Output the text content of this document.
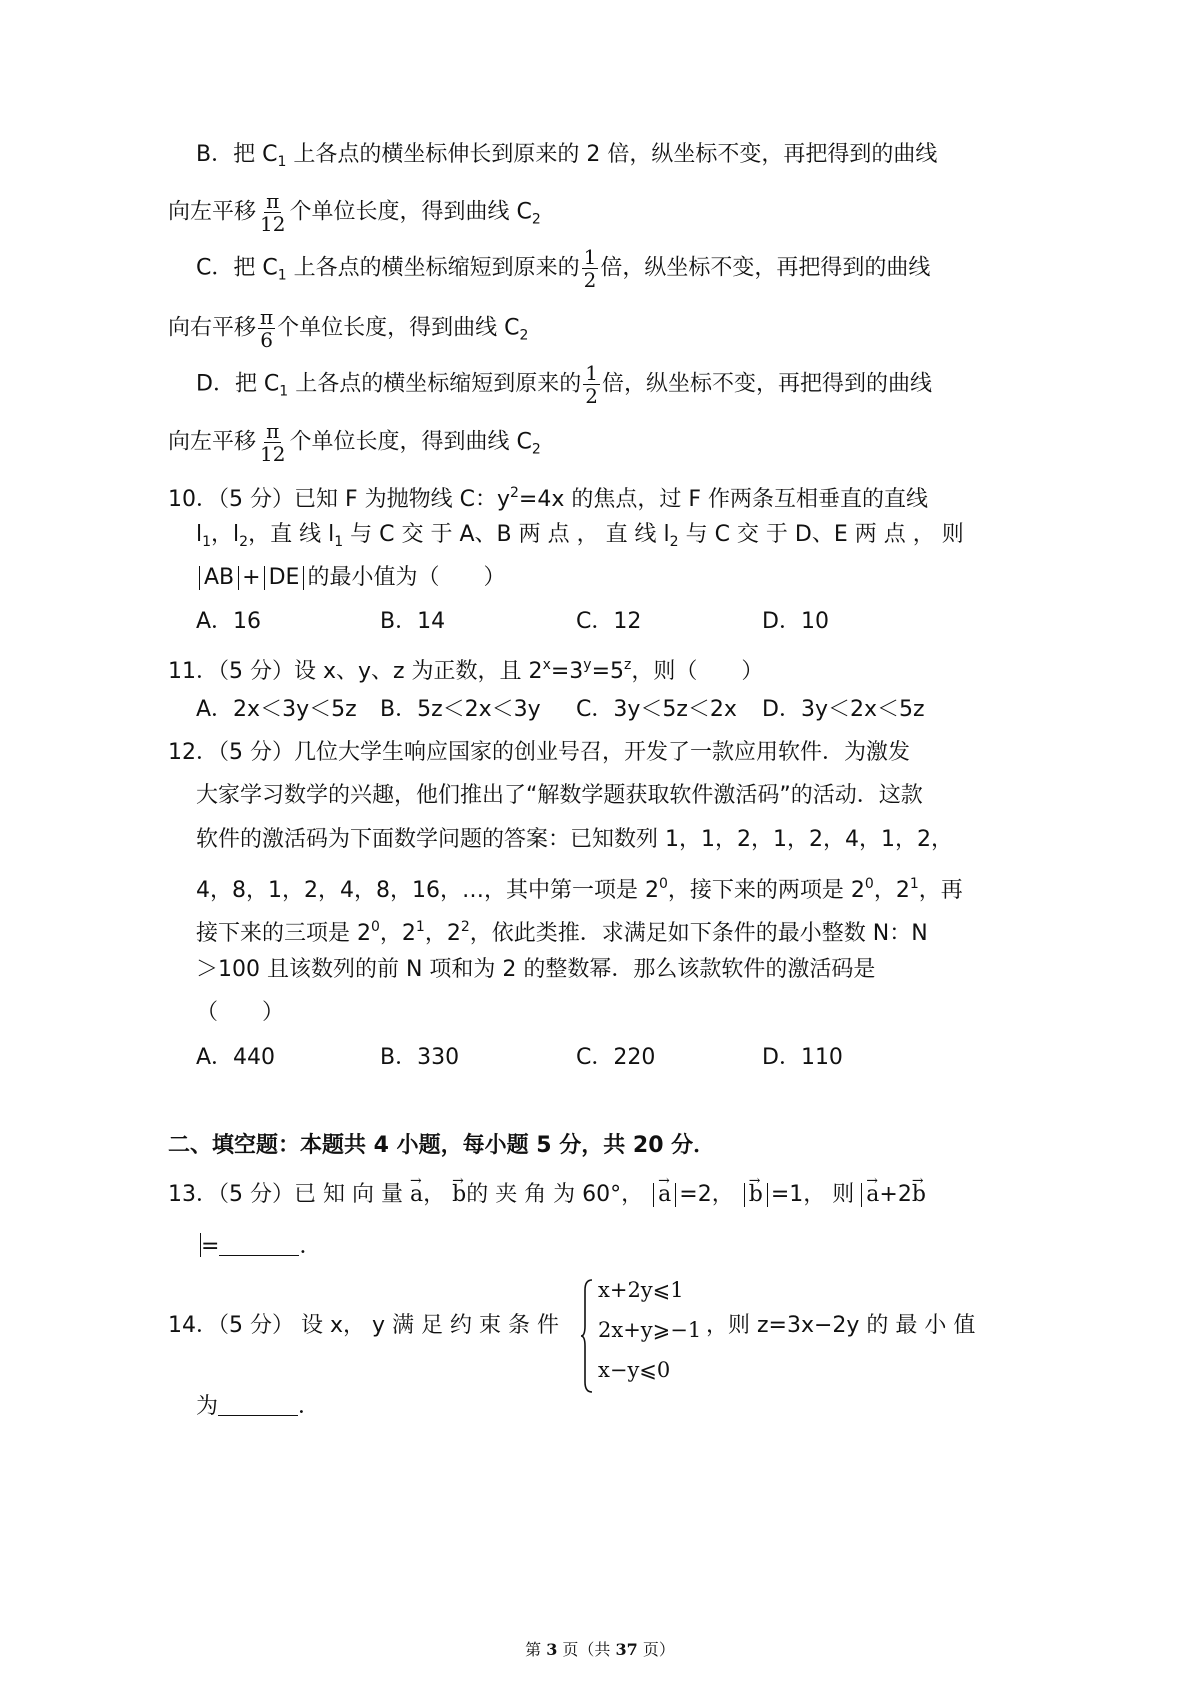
B．把 $C_1$ 上各点的横坐标伸长到原来的 2 倍，纵坐标不变，再把得到的曲线
向左平移 $\frac{\pi}{12}$ 个单位长度，得到曲线 $C_2$
C．把 $C_1$ 上各点的横坐标缩短到原来的 $\frac{1}{2}$ 倍，纵坐标不变，再把得到的曲线
向右平移 $\frac{\pi}{6}$ 个单位长度，得到曲线 $C_2$
D．把 $C_1$ 上各点的横坐标缩短到原来的 $\frac{1}{2}$ 倍，纵坐标不变，再把得到的曲线
向左平移 $\frac{\pi}{12}$ 个单位长度，得到曲线 $C_2$
10．（5 分）已知 F 为抛物线 C：$y^2=4x$ 的焦点，过 F 作两条互相垂直的直线
$l_1$，$l_2$，直 线 $l_1$ 与 C 交 于 A、B 两 点 ， 直 线 $l_2$ 与 C 交 于 D、E 两 点 ， 则
AB + DE 的最小值为（　　）
A．16	B．14	C．12	D．10
11．（5 分）设 x、y、z 为正数，且 $2^x=3^y=5^z$，则（　　）
A．2x＜3y＜5z B．5z＜2x＜3y C．3y＜5z＜2x D．3y＜2x＜5z
12．（5 分）几位大学生响应国家的创业号召，开发了一款应用软件．为激发
大家学习数学的兴趣，他们推出了“解数学题获取软件激活码”的活动．这款
软件的激活码为下面数学问题的答案：已知数列 1，1，2，1，2，4，1，2，
4，8，1，2，4，8，16，…，其中第一项是 $2^0$，接下来的两项是 $2^0$，$2^1$，再
接下来的三项是 $2^0$，$2^1$，$2^2$，依此类推．求满足如下条件的最小整数 N：N
＞100 且该数列的前 N 项和为 2 的整数幂．那么该款软件的激活码是
（　　）
A．440	B．330	C．220	D．110
二、填空题：本题共 4 小题，每小题 5 分，共 20 分．
13．（5 分）已 知 向 量 → a， → b的 夹 角 为 60°， → a =2， → b =1， 则 → a+2→ b
=	．
14．（5 分） 设 x， y 满 足 约 束 条 件
x+2y⩽1
2x+y⩾−1
x−y⩽0
，则 z=3x−2y 的 最 小 值
为	．
第 3 页（共 37 页）
